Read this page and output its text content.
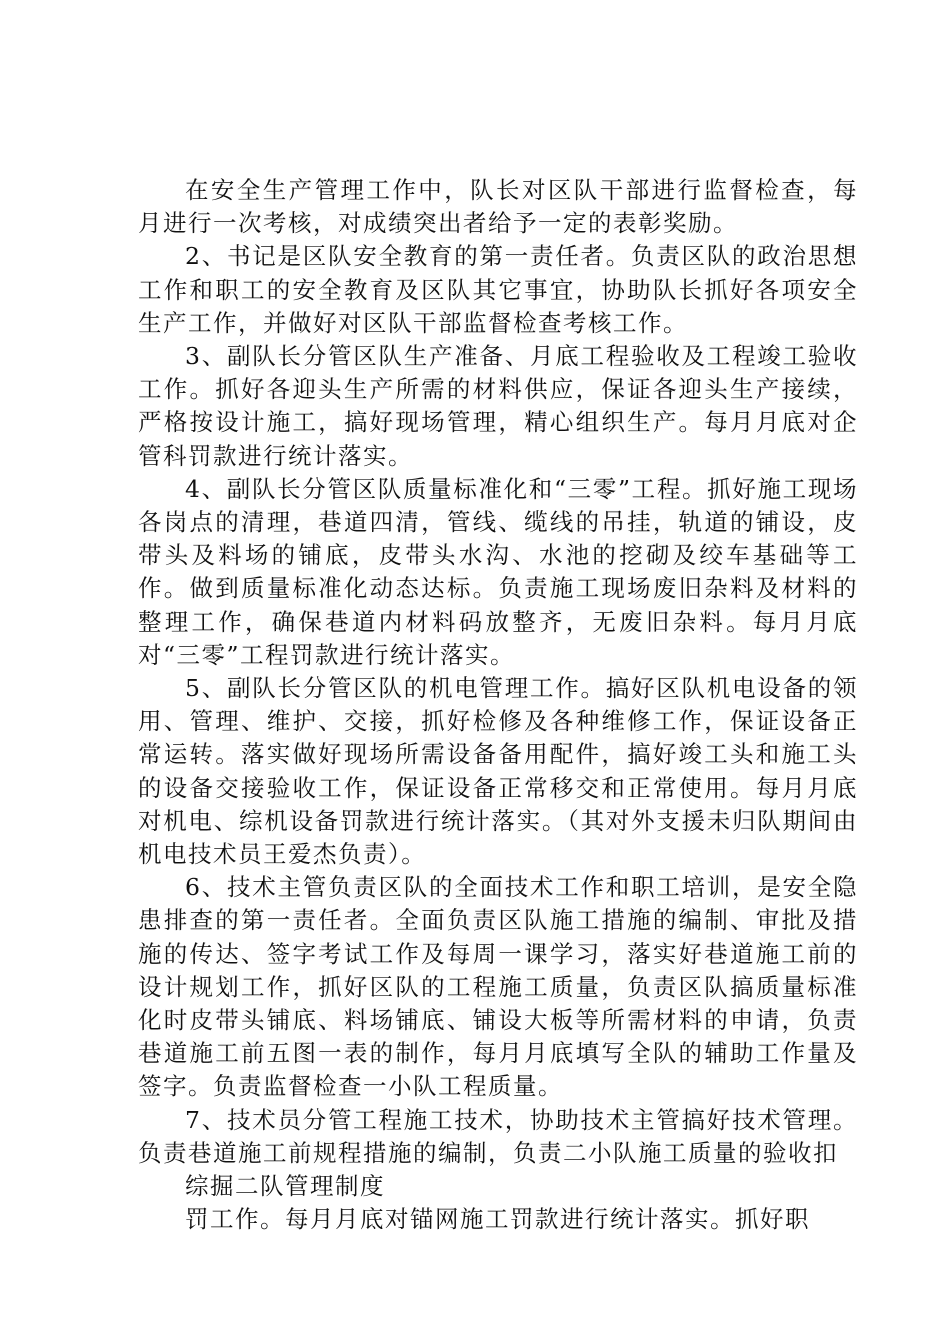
在安全生产管理工作中，队长对区队干部进行监督检查，每月进行一次考核，对成绩突出者给予一定的表彰奖励。

2、书记是区队安全教育的第一责任者。负责区队的政治思想工作和职工的安全教育及区队其它事宜，协助队长抓好各项安全生产工作，并做好对区队干部监督检查考核工作。

3、副队长分管区队生产准备、月底工程验收及工程竣工验收工作。抓好各迎头生产所需的材料供应，保证各迎头生产接续，严格按设计施工，搞好现场管理，精心组织生产。每月月底对企管科罚款进行统计落实。

4、副队长分管区队质量标准化和“三零”工程。抓好施工现场各岗点的清理，巷道四清，管线、缆线的吊挂，轨道的铺设，皮带头及料场的铺底，皮带头水沟、水池的挖砌及绞车基础等工作。做到质量标准化动态达标。负责施工现场废旧杂料及材料的整理工作，确保巷道内材料码放整齐，无废旧杂料。每月月底对“三零”工程罚款进行统计落实。

5、副队长分管区队的机电管理工作。搞好区队机电设备的领用、管理、维护、交接，抓好检修及各种维修工作，保证设备正常运转。落实做好现场所需设备备用配件，搞好竣工头和施工头的设备交接验收工作，保证设备正常移交和正常使用。每月月底对机电、综机设备罚款进行统计落实。（其对外支援未归队期间由机电技术员王爱杰负责）。

6、技术主管负责区队的全面技术工作和职工培训，是安全隐患排查的第一责任者。全面负责区队施工措施的编制、审批及措施的传达、签字考试工作及每周一课学习，落实好巷道施工前的设计规划工作，抓好区队的工程施工质量，负责区队搞质量标准化时皮带头铺底、料场铺底、铺设大板等所需材料的申请，负责巷道施工前五图一表的制作，每月月底填写全队的辅助工作量及签字。负责监督检查一小队工程质量。

7、技术员分管工程施工技术，协助技术主管搞好技术管理。负责巷道施工前规程措施的编制，负责二小队施工质量的验收扣

综掘二队管理制度

罚工作。每月月底对锚网施工罚款进行统计落实。抓好职
